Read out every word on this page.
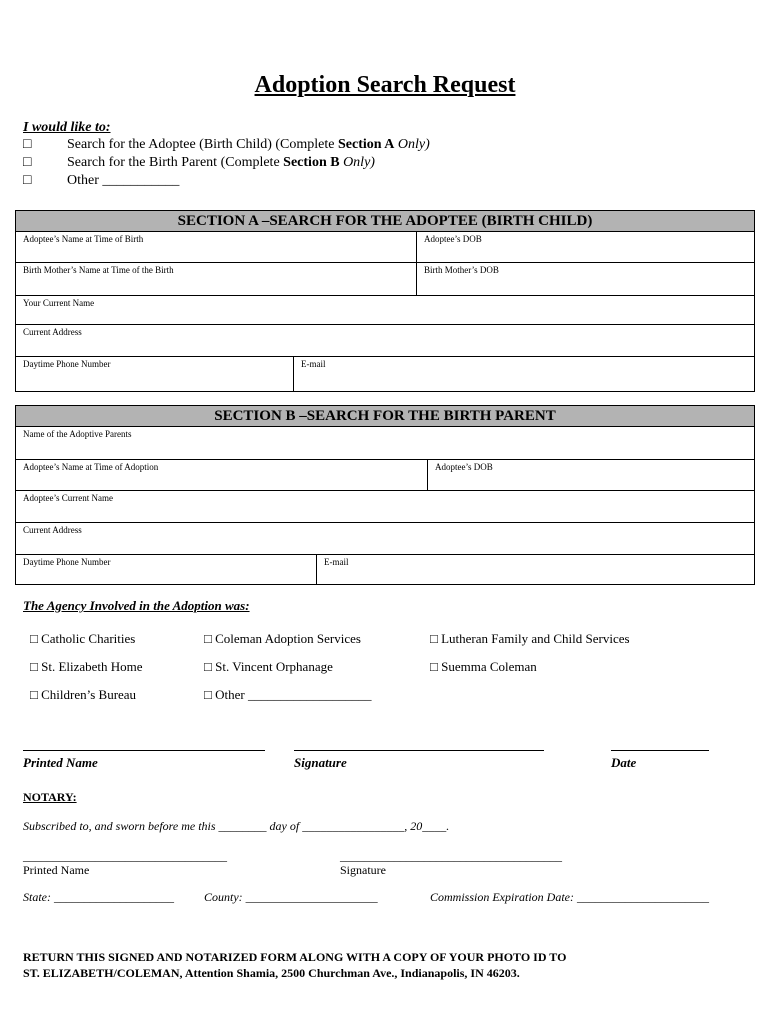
Adoption Search Request
I would like to:
□	Search for the Adoptee (Birth Child) (Complete Section A Only)
□	Search for the Birth Parent (Complete Section B Only)
□	Other ___________
SECTION A –SEARCH FOR THE ADOPTEE (BIRTH CHILD)
Adoptee’s Name at Time of Birth	Adoptee’s DOB
Birth Mother’s Name at Time of the Birth	Birth Mother’s DOB
Your Current Name
Current Address
Daytime Phone Number	E-mail
SECTION B –SEARCH FOR THE BIRTH PARENT
Name of the Adoptive Parents
Adoptee’s Name at Time of Adoption	Adoptee’s DOB
Adoptee’s Current Name
Current Address
Daytime Phone Number	E-mail
The Agency Involved in the Adoption was:
□ Catholic Charities	□ Coleman Adoption Services	□ Lutheran Family and Child Services
□ St. Elizabeth Home	□ St. Vincent Orphanage	□ Suemma Coleman
□ Children’s Bureau	□ Other ___________________
Printed Name	Signature	Date
NOTARY:
Subscribed to, and sworn before me this ________ day of _________________, 20____.
__________________________________	_____________________________________
Printed Name	Signature
State: ____________________	County: ______________________	Commission Expiration Date: ______________________
RETURN THIS SIGNED AND NOTARIZED FORM ALONG WITH A COPY OF YOUR PHOTO ID TO
ST. ELIZABETH/COLEMAN, Attention Shamia, 2500 Churchman Ave., Indianapolis, IN 46203.
